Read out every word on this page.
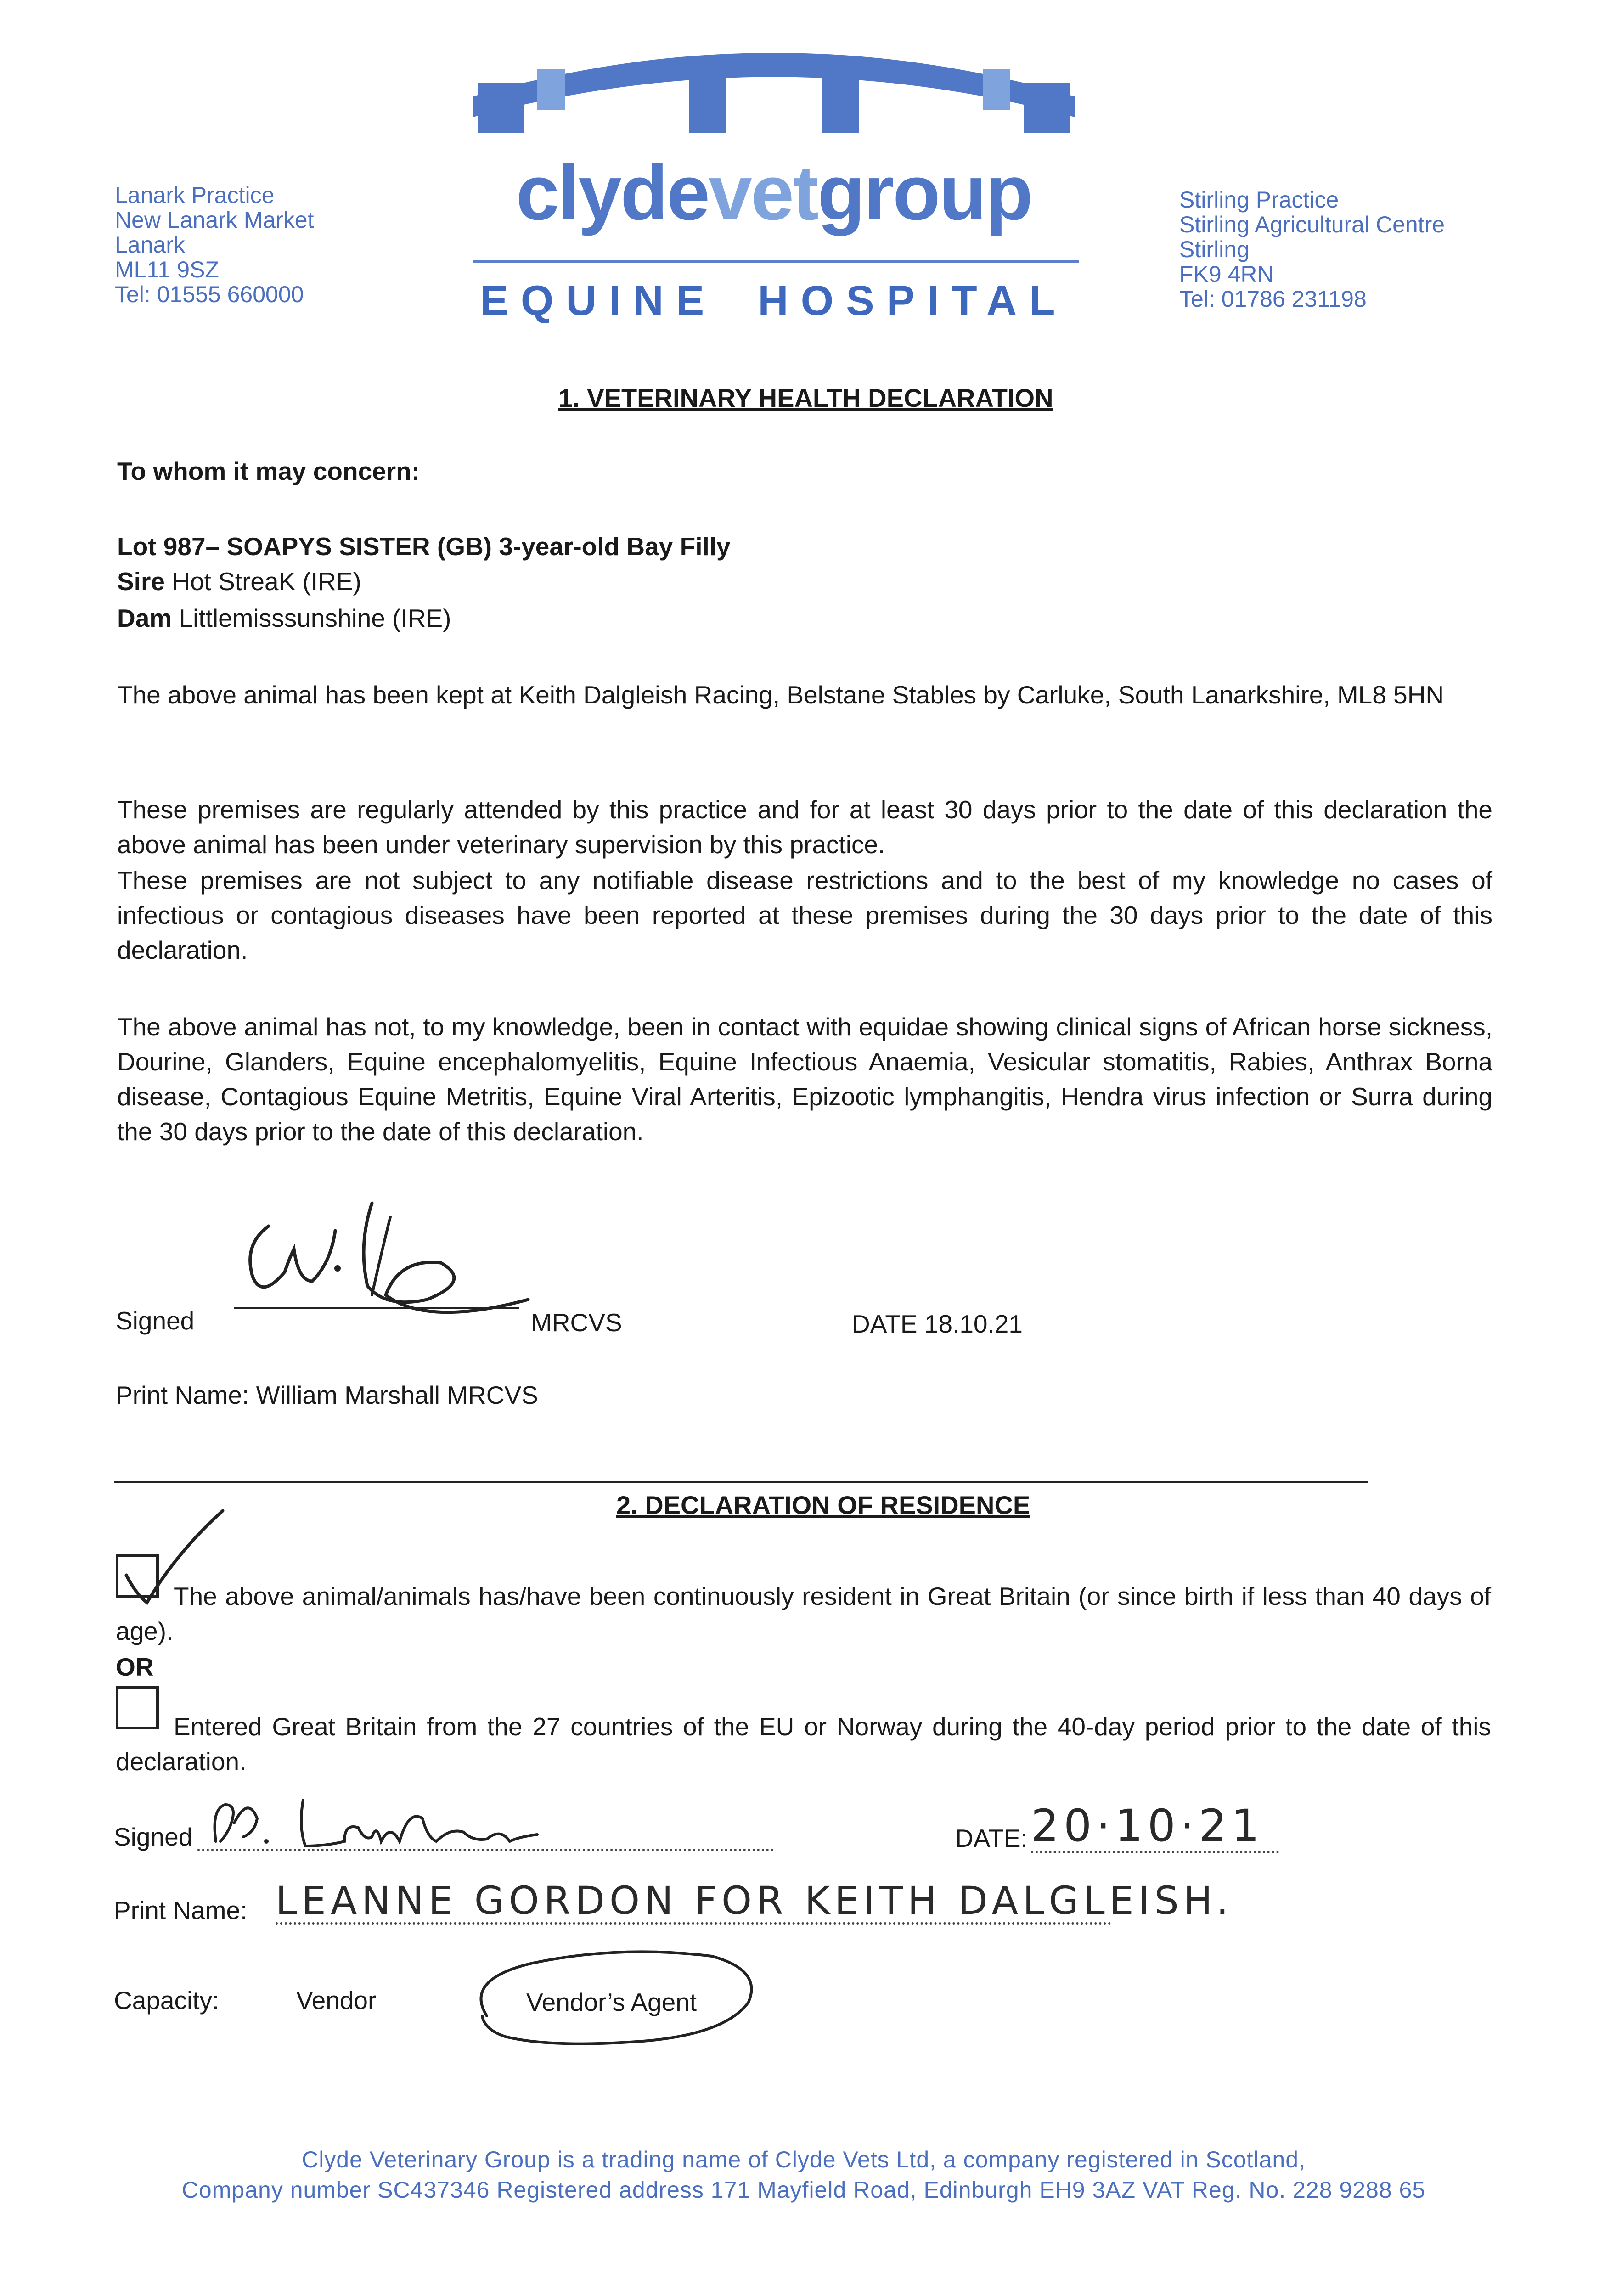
Lanark Practice
New Lanark Market
Lanark
ML11 9SZ
Tel: 01555 660000
clydevetgroup
EQUINE HOSPITAL
Stirling Practice
Stirling Agricultural Centre
Stirling
FK9 4RN
Tel: 01786 231198
1. VETERINARY HEALTH DECLARATION
To whom it may concern:
Lot 987– SOAPYS SISTER (GB) 3-year-old Bay Filly
Sire Hot StreaK (IRE)
Dam Littlemisssunshine (IRE)
The above animal has been kept at Keith Dalgleish Racing, Belstane Stables by Carluke, South Lanarkshire, ML8 5HN
These premises are regularly attended by this practice and for at least 30 days prior to the date of this declaration the above animal has been under veterinary supervision by this practice.
These premises are not subject to any notifiable disease restrictions and to the best of my knowledge no cases of infectious or contagious diseases have been reported at these premises during the 30 days prior to the date of this declaration.
The above animal has not, to my knowledge, been in contact with equidae showing clinical signs of African horse sickness, Dourine, Glanders, Equine encephalomyelitis, Equine Infectious Anaemia, Vesicular stomatitis, Rabies, Anthrax Borna disease, Contagious Equine Metritis, Equine Viral Arteritis, Epizootic lymphangitis, Hendra virus infection or Surra during the 30 days prior to the date of this declaration.
Signed	MRCVS	DATE 18.10.21
Print Name: William Marshall MRCVS
2. DECLARATION OF RESIDENCE
The above animal/animals has/have been continuously resident in Great Britain (or since birth if less than 40 days of age).
OR
Entered Great Britain from the 27 countries of the EU or Norway during the 40-day period prior to the date of this declaration.
Signed	DATE: 20·10·21
Print Name: LEANNE GORDON FOR KEITH DALGLEISH.
Capacity:	Vendor	Vendor’s Agent
Clyde Veterinary Group is a trading name of Clyde Vets Ltd, a company registered in Scotland,
Company number SC437346 Registered address 171 Mayfield Road, Edinburgh EH9 3AZ VAT Reg. No. 228 9288 65
